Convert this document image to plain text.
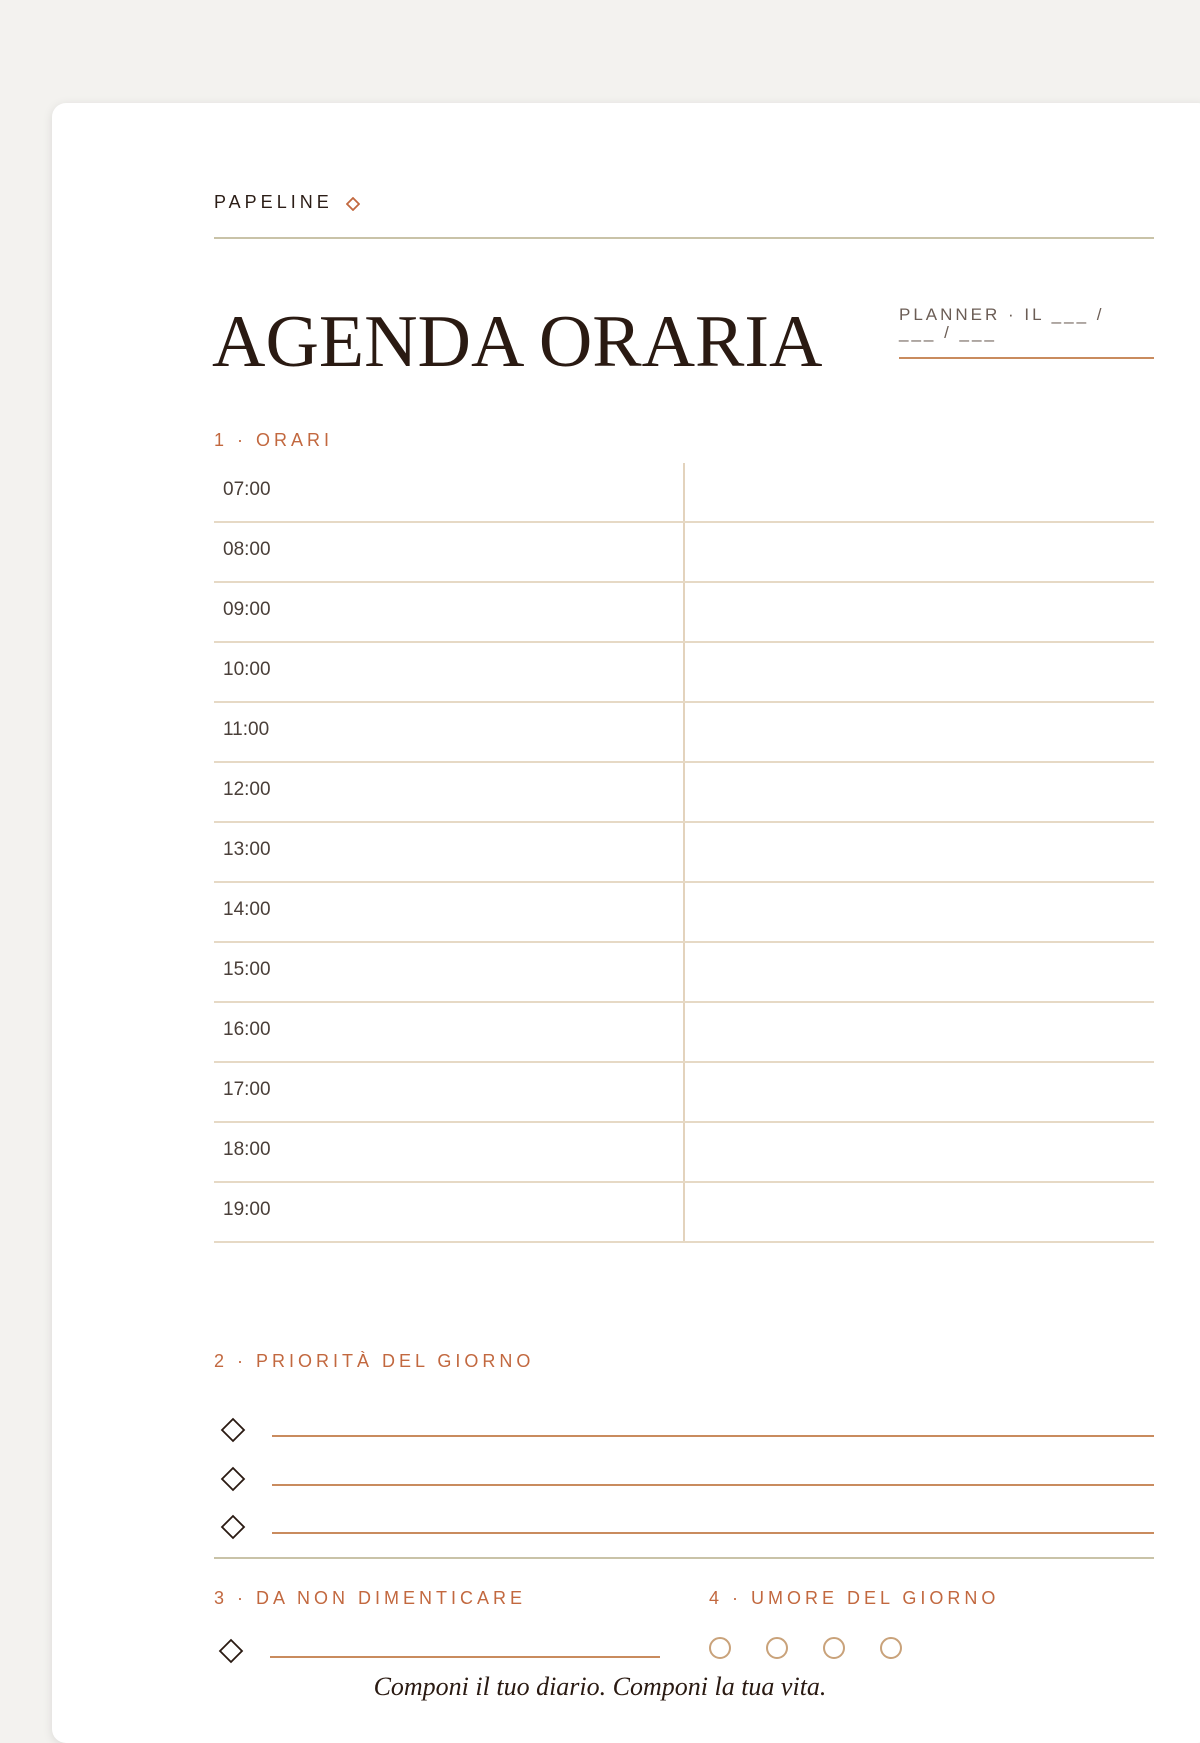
PAPELINE
AGENDA ORARIA	PLANNER · IL ___ /
___ / ___
1 · ORARI
07:00
08:00
09:00
10:00
11:00
12:00
13:00
14:00
15:00
16:00
17:00
18:00
19:00
2 · PRIORITÀ DEL GIORNO
3 · DA NON DIMENTICARE	4 · UMORE DEL GIORNO
Componi il tuo diario. Componi la tua vita.
